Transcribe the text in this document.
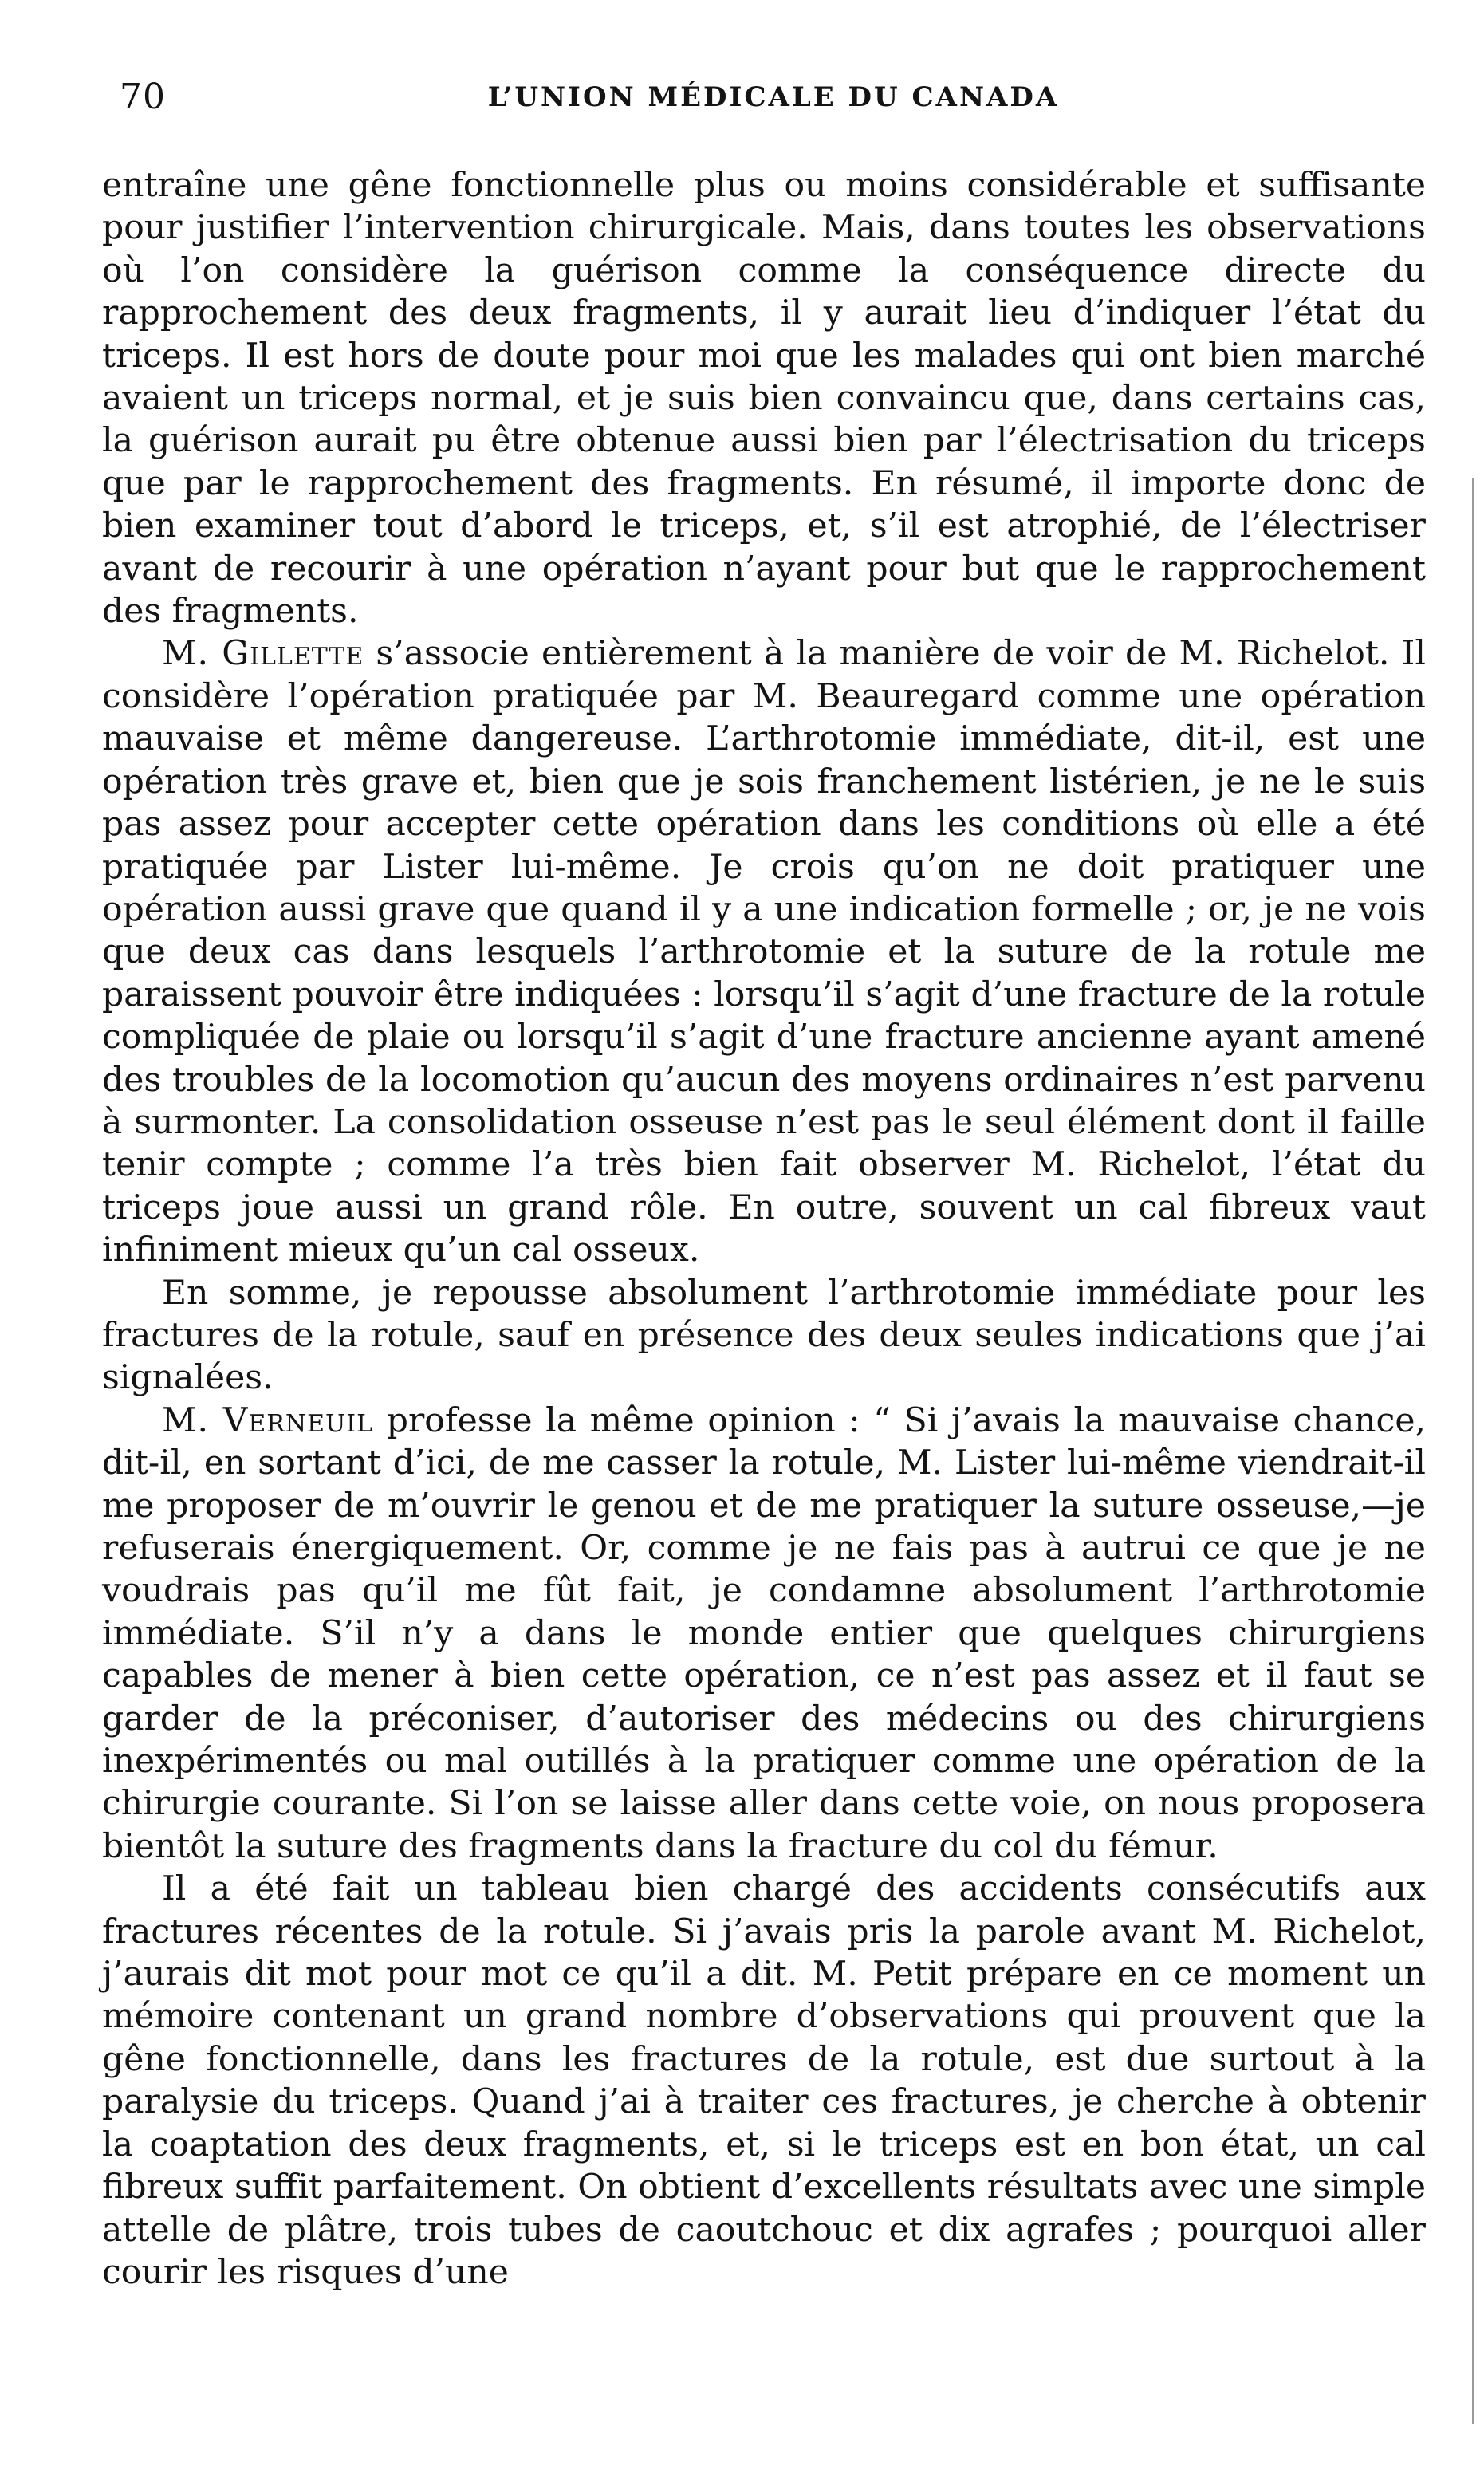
70	L’UNION MÉDICALE DU CANADA

entraîne une gêne fonctionnelle plus ou moins considérable et suffisante pour justifier l’intervention chirurgicale. Mais, dans toutes les observations où l’on considère la guérison comme la conséquence directe du rapprochement des deux fragments, il y aurait lieu d’indiquer l’état du triceps. Il est hors de doute pour moi que les malades qui ont bien marché avaient un triceps normal, et je suis bien convaincu que, dans certains cas, la guérison aurait pu être obtenue aussi bien par l’électrisation du triceps que par le rapprochement des fragments. En résumé, il importe donc de bien examiner tout d’abord le triceps, et, s’il est atrophié, de l’électriser avant de recourir à une opération n’ayant pour but que le rapprochement des fragments.

M. Gillette s’associe entièrement à la manière de voir de M. Richelot. Il considère l’opération pratiquée par M. Beauregard comme une opération mauvaise et même dangereuse. L’arthrotomie immédiate, dit-il, est une opération très grave et, bien que je sois franchement listérien, je ne le suis pas assez pour accepter cette opération dans les conditions où elle a été pratiquée par Lister lui-même. Je crois qu’on ne doit pratiquer une opération aussi grave que quand il y a une indication formelle ; or, je ne vois que deux cas dans lesquels l’arthrotomie et la suture de la rotule me paraissent pouvoir être indiquées : lorsqu’il s’agit d’une fracture de la rotule compliquée de plaie ou lorsqu’il s’agit d’une fracture ancienne ayant amené des troubles de la locomotion qu’aucun des moyens ordinaires n’est parvenu à surmonter. La consolidation osseuse n’est pas le seul élément dont il faille tenir compte ; comme l’a très bien fait observer M. Richelot, l’état du triceps joue aussi un grand rôle. En outre, souvent un cal fibreux vaut infiniment mieux qu’un cal osseux.

En somme, je repousse absolument l’arthrotomie immédiate pour les fractures de la rotule, sauf en présence des deux seules indications que j’ai signalées.

M. Verneuil professe la même opinion : “ Si j’avais la mauvaise chance, dit-il, en sortant d’ici, de me casser la rotule, M. Lister lui-même viendrait-il me proposer de m’ouvrir le genou et de me pratiquer la suture osseuse,—je refuserais énergiquement. Or, comme je ne fais pas à autrui ce que je ne voudrais pas qu’il me fût fait, je condamne absolument l’arthrotomie immédiate. S’il n’y a dans le monde entier que quelques chirurgiens capables de mener à bien cette opération, ce n’est pas assez et il faut se garder de la préconiser, d’autoriser des médecins ou des chirurgiens inexpérimentés ou mal outillés à la pratiquer comme une opération de la chirurgie courante. Si l’on se laisse aller dans cette voie, on nous proposera bientôt la suture des fragments dans la fracture du col du fémur.

Il a été fait un tableau bien chargé des accidents consécutifs aux fractures récentes de la rotule. Si j’avais pris la parole avant M. Richelot, j’aurais dit mot pour mot ce qu’il a dit. M. Petit prépare en ce moment un mémoire contenant un grand nombre d’observations qui prouvent que la gêne fonctionnelle, dans les fractures de la rotule, est due surtout à la paralysie du triceps. Quand j’ai à traiter ces fractures, je cherche à obtenir la coaptation des deux fragments, et, si le triceps est en bon état, un cal fibreux suffit parfaitement. On obtient d’excellents résultats avec une simple attelle de plâtre, trois tubes de caoutchouc et dix agrafes ; pourquoi aller courir les risques d’une
